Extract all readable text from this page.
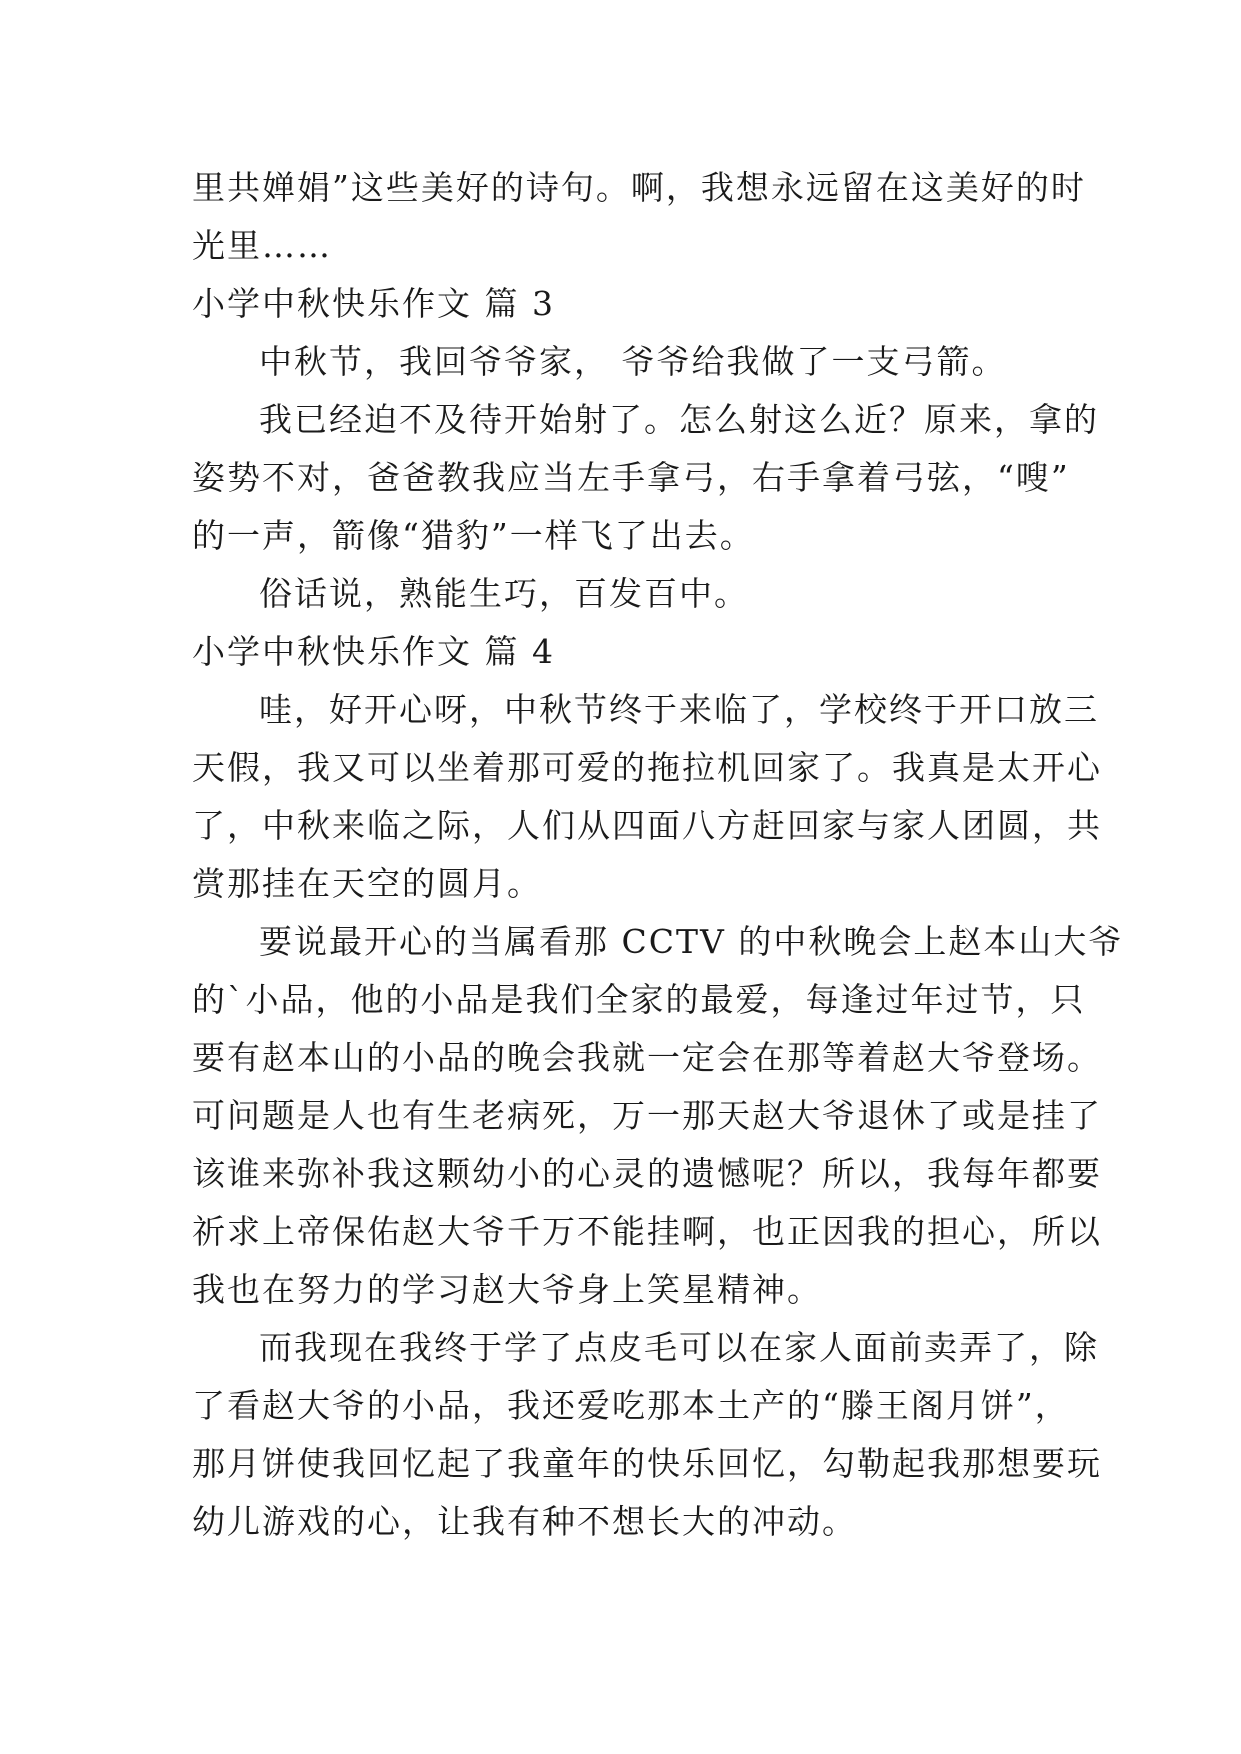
里共婵娟”这些美好的诗句。啊，我想永远留在这美好的时
光里……
小学中秋快乐作文 篇 3
中秋节，我回爷爷家， 爷爷给我做了一支弓箭。
我已经迫不及待开始射了。怎么射这么近？原来，拿的
姿势不对，爸爸教我应当左手拿弓，右手拿着弓弦，“嗖”
的一声，箭像“猎豹”一样飞了出去。
俗话说，熟能生巧，百发百中。
小学中秋快乐作文 篇 4
哇，好开心呀，中秋节终于来临了，学校终于开口放三
天假，我又可以坐着那可爱的拖拉机回家了。我真是太开心
了，中秋来临之际，人们从四面八方赶回家与家人团圆，共
赏那挂在天空的圆月。
要说最开心的当属看那 CCTV 的中秋晚会上赵本山大爷
的`小品，他的小品是我们全家的最爱，每逢过年过节，只
要有赵本山的小品的晚会我就一定会在那等着赵大爷登场。
可问题是人也有生老病死，万一那天赵大爷退休了或是挂了
该谁来弥补我这颗幼小的心灵的遗憾呢？所以，我每年都要
祈求上帝保佑赵大爷千万不能挂啊，也正因我的担心，所以
我也在努力的学习赵大爷身上笑星精神。
而我现在我终于学了点皮毛可以在家人面前卖弄了，除
了看赵大爷的小品，我还爱吃那本土产的“滕王阁月饼”，
那月饼使我回忆起了我童年的快乐回忆，勾勒起我那想要玩
幼儿游戏的心，让我有种不想长大的冲动。
